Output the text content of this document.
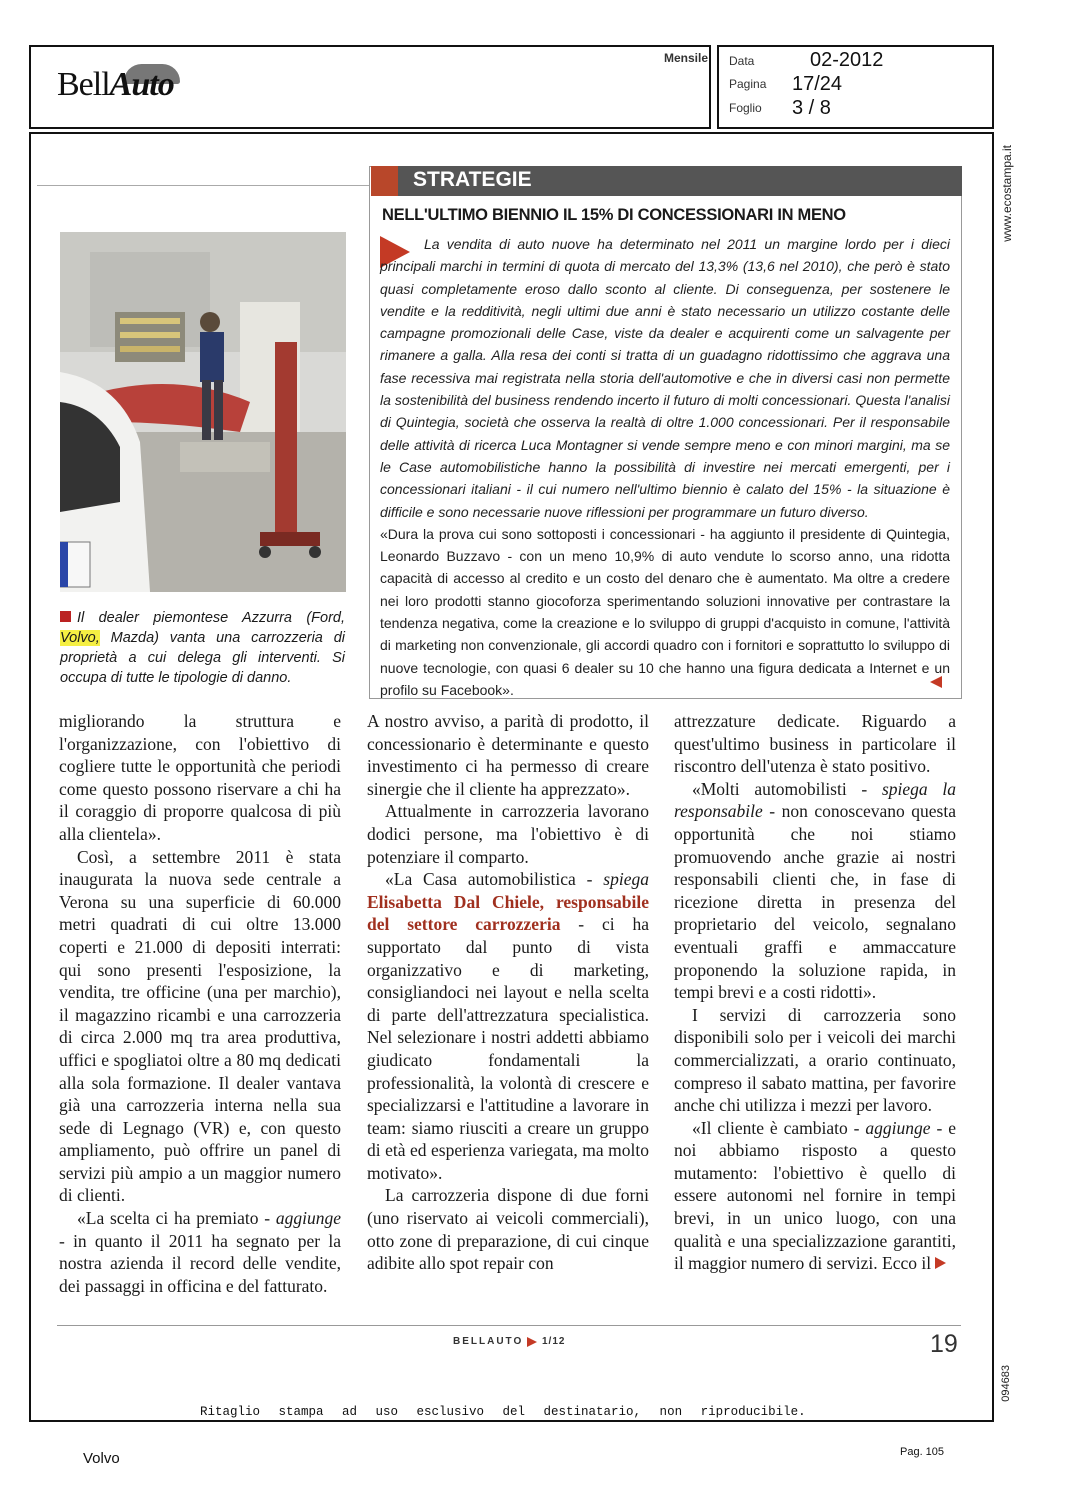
BellAuto
Mensile Data	02-2012
Pagina 17/24
Foglio 3 / 8
www.ecostampa.it
094683
Il dealer piemontese Azzurra (Ford, Volvo, Mazda) vanta una carrozzeria di proprietà a cui delega gli interventi. Si occupa di tutte le tipologie di danno.
STRATEGIE
NELL'ULTIMO BIENNIO IL 15% DI CONCESSIONARI IN MENO

La vendita di auto nuove ha determinato nel 2011 un margine lordo per i dieci principali marchi in termini di quota di mercato del 13,3% (13,6 nel 2010), che però è stato quasi completamente eroso dallo sconto al cliente. Di conseguenza, per sostenere le vendite e la redditività, negli ultimi due anni è stato necessario un utilizzo costante delle campagne promozionali delle Case, viste da dealer e acquirenti come un salvagente per rimanere a galla. Alla resa dei conti si tratta di un guadagno ridottissimo che aggrava una fase recessiva mai registrata nella storia dell'automotive e che in diversi casi non permette la sostenibilità del business rendendo incerto il futuro di molti concessionari. Questa l'analisi di Quintegia, società che osserva la realtà di oltre 1.000 concessionari. Per il responsabile delle attività di ricerca Luca Montagner si vende sempre meno e con minori margini, ma se le Case automobilistiche hanno la possibilità di investire nei mercati emergenti, per i concessionari italiani - il cui numero nell'ultimo biennio è calato del 15% - la situazione è difficile e sono necessarie nuove riflessioni per programmare un futuro diverso.

«Dura la prova cui sono sottoposti i concessionari - ha aggiunto il presidente di Quintegia, Leonardo Buzzavo - con un meno 10,9% di auto vendute lo scorso anno, una ridotta capacità di accesso al credito e un costo del denaro che è aumentato. Ma oltre a credere nei loro prodotti stanno giocoforza sperimentando soluzioni innovative per contrastare la tendenza negativa, come la creazione e lo sviluppo di gruppi d'acquisto in comune, l'attività di marketing non convenzionale, gli accordi quadro con i fornitori e soprattutto lo sviluppo di nuove tecnologie, con quasi 6 dealer su 10 che hanno una figura dedicata a Internet e un profilo su Facebook».

migliorando la struttura e l'organizzazione, con l'obiettivo di cogliere tutte le opportunità che periodi come questo possono riservare a chi ha il coraggio di proporre qualcosa di più alla clientela».

Così, a settembre 2011 è stata inaugurata la nuova sede centrale a Verona su una superficie di 60.000 metri quadrati di cui oltre 13.000 coperti e 21.000 di depositi interrati: qui sono presenti l'esposizione, la vendita, tre officine (una per marchio), il magazzino ricambi e una carrozzeria di circa 2.000 mq tra area produttiva, uffici e spogliatoi oltre a 80 mq dedicati alla sola formazione. Il dealer vantava già una carrozzeria interna nella sua sede di Legnago (VR) e, con questo ampliamento, può offrire un panel di servizi più ampio a un maggior numero di clienti.

«La scelta ci ha premiato - aggiunge - in quanto il 2011 ha segnato per la nostra azienda il record delle vendite, dei passaggi in officina e del fatturato.

A nostro avviso, a parità di prodotto, il concessionario è determinante e questo investimento ci ha permesso di creare sinergie che il cliente ha apprezzato».

Attualmente in carrozzeria lavorano dodici persone, ma l'obiettivo è di potenziare il comparto.

«La Casa automobilistica - spiega Elisabetta Dal Chiele, responsabile del settore carrozzeria - ci ha supportato dal punto di vista organizzativo e di marketing, consigliandoci nei layout e nella scelta di parte dell'attrezzatura specialistica. Nel selezionare i nostri addetti abbiamo giudicato fondamentali la professionalità, la volontà di crescere e specializzarsi e l'attitudine a lavorare in team: siamo riusciti a creare un gruppo di età ed esperienza variegata, ma molto motivato».

La carrozzeria dispone di due forni (uno riservato ai veicoli commerciali), otto zone di preparazione, di cui cinque adibite allo spot repair con

attrezzature dedicate. Riguardo a quest'ultimo business in particolare il riscontro dell'utenza è stato positivo.

«Molti automobilisti - spiega la responsabile - non conoscevano questa opportunità che noi stiamo promuovendo anche grazie ai nostri responsabili clienti che, in fase di ricezione diretta in presenza del proprietario del veicolo, segnalano eventuali graffi e ammaccature proponendo la soluzione rapida, in tempi brevi e a costi ridotti».

I servizi di carrozzeria sono disponibili solo per i veicoli dei marchi commercializzati, a orario continuato, compreso il sabato mattina, per favorire anche chi utilizza i mezzi per lavoro.

«Il cliente è cambiato - aggiunge - e noi abbiamo risposto a questo mutamento: l'obiettivo è quello di essere autonomi nel fornire in tempi brevi, in un unico luogo, con una qualità e una specializzazione garantiti, il maggior numero di servizi. Ecco il

BELLAUTO 1/12	19
Ritaglio stampa ad uso esclusivo del destinatario, non riproducibile.
Volvo	Pag. 105
